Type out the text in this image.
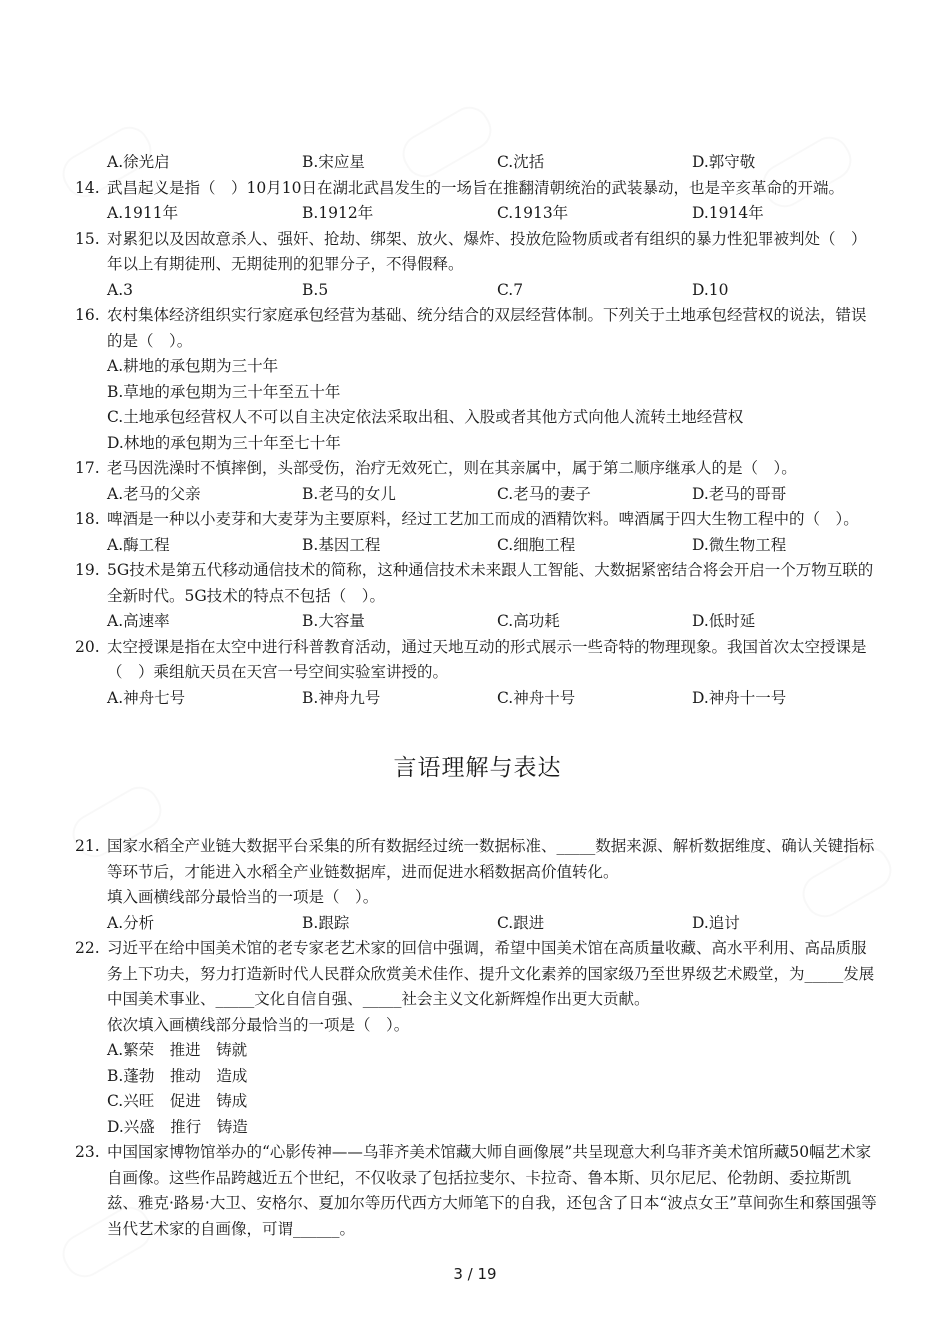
A.徐光启	B.宋应星	C.沈括	D.郭守敬
14. 武昌起义是指（　）10月10日在湖北武昌发生的一场旨在推翻清朝统治的武装暴动，也是辛亥革命的开端。
A.1911年	B.1912年	C.1913年	D.1914年
15. 对累犯以及因故意杀人、强奸、抢劫、绑架、放火、爆炸、投放危险物质或者有组织的暴力性犯罪被判处（　）年以上有期徒刑、无期徒刑的犯罪分子，不得假释。
A.3	B.5	C.7	D.10
16. 农村集体经济组织实行家庭承包经营为基础、统分结合的双层经营体制。下列关于土地承包经营权的说法，错误的是（　）。
A.耕地的承包期为三十年
B.草地的承包期为三十年至五十年
C.土地承包经营权人不可以自主决定依法采取出租、入股或者其他方式向他人流转土地经营权
D.林地的承包期为三十年至七十年
17. 老马因洗澡时不慎摔倒，头部受伤，治疗无效死亡，则在其亲属中，属于第二顺序继承人的是（　）。
A.老马的父亲	B.老马的女儿	C.老马的妻子	D.老马的哥哥
18. 啤酒是一种以小麦芽和大麦芽为主要原料，经过工艺加工而成的酒精饮料。啤酒属于四大生物工程中的（　）。
A.酶工程	B.基因工程	C.细胞工程	D.微生物工程
19. 5G技术是第五代移动通信技术的简称，这种通信技术未来跟人工智能、大数据紧密结合将会开启一个万物互联的全新时代。5G技术的特点不包括（　）。
A.高速率	B.大容量	C.高功耗	D.低时延
20. 太空授课是指在太空中进行科普教育活动，通过天地互动的形式展示一些奇特的物理现象。我国首次太空授课是（　）乘组航天员在天宫一号空间实验室讲授的。
A.神舟七号	B.神舟九号	C.神舟十号	D.神舟十一号
言语理解与表达
21. 国家水稻全产业链大数据平台采集的所有数据经过统一数据标准、_____数据来源、解析数据维度、确认关键指标等环节后，才能进入水稻全产业链数据库，进而促进水稻数据高价值转化。
填入画横线部分最恰当的一项是（　）。
A.分析	B.跟踪	C.跟进	D.追讨
22. 习近平在给中国美术馆的老专家老艺术家的回信中强调，希望中国美术馆在高质量收藏、高水平利用、高品质服务上下功夫，努力打造新时代人民群众欣赏美术佳作、提升文化素养的国家级乃至世界级艺术殿堂，为_____发展中国美术事业、_____文化自信自强、_____社会主义文化新辉煌作出更大贡献。
依次填入画横线部分最恰当的一项是（　）。
A.繁荣　推进　铸就
B.蓬勃　推动　造成
C.兴旺　促进　铸成
D.兴盛　推行　铸造
23. 中国国家博物馆举办的“心影传神——乌菲齐美术馆藏大师自画像展”共呈现意大利乌菲齐美术馆所藏50幅艺术家自画像。这些作品跨越近五个世纪，不仅收录了包括拉斐尔、卡拉奇、鲁本斯、贝尔尼尼、伦勃朗、委拉斯凯兹、雅克·路易·大卫、安格尔、夏加尔等历代西方大师笔下的自我，还包含了日本“波点女王”草间弥生和蔡国强等当代艺术家的自画像，可谓______。
3 / 19
